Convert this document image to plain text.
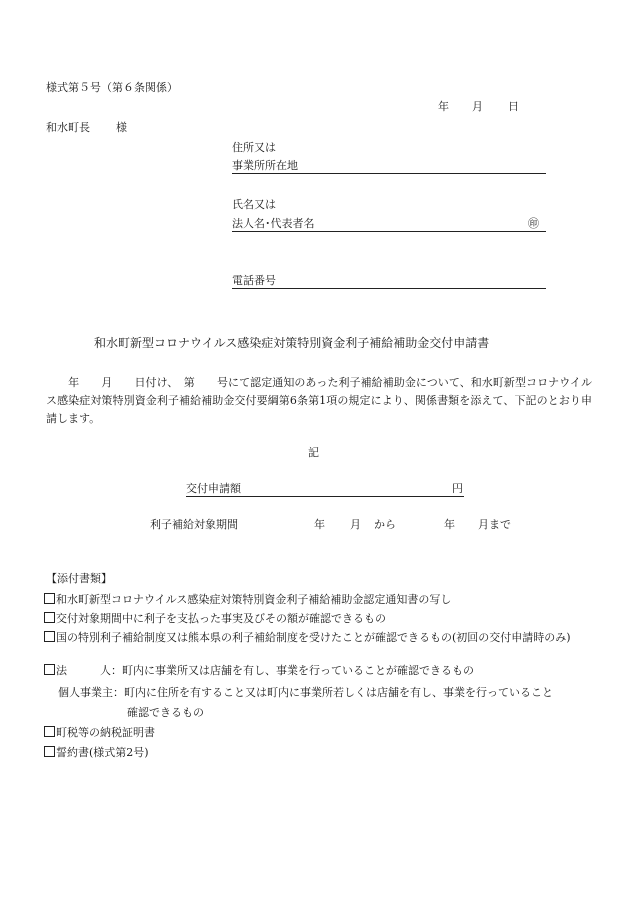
様式第５号（第６条関係）
年 月 日
和水町長 様
住所又は
事業所所在地
氏名又は
法人名･代表者名	㊞
電話番号
和水町新型コロナウイルス感染症対策特別資金利子補給補助金交付申請書
　　年　　月　　日付け、　第　　号にて認定通知のあった利子補給補助金について、和水町新型コロナウイルス感染症対策特別資金利子補給補助金交付要綱第6条第1項の規定により、関係書類を添えて、下記のとおり申請します。
記
交付申請額	円
利子補給対象期間	年 月 から	年 月まで
【添付書類】
和水町新型コロナウイルス感染症対策特別資金利子補給補助金認定通知書の写し
交付対象期間中に利子を支払った事実及びその額が確認できるもの
国の特別利子補給制度又は熊本県の利子補給制度を受けたことが確認できるもの(初回の交付申請時のみ)
法　　　人：町内に事業所又は店舗を有し、事業を行っていることが確認できるもの
個人事業主：町内に住所を有すること又は町内に事業所若しくは店舗を有し、事業を行っていること
確認できるもの
町税等の納税証明書
誓約書(様式第2号)
